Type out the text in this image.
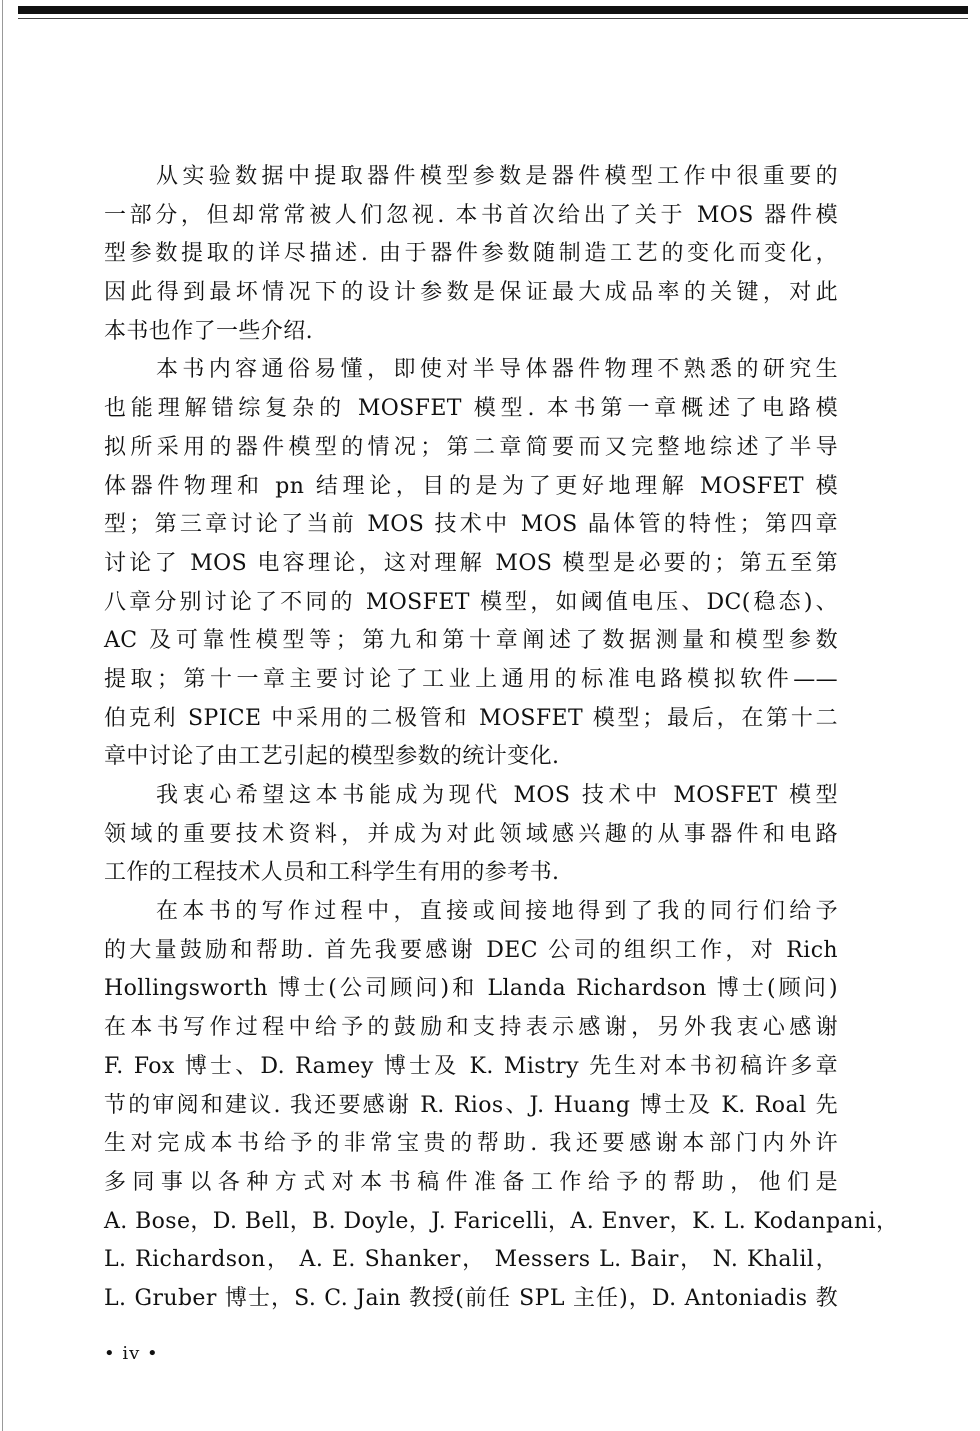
从实验数据中提取器件模型参数是器件模型工作中很重要的
一部分，但却常常被人们忽视. 本书首次给出了关于 MOS 器件模
型参数提取的详尽描述. 由于器件参数随制造工艺的变化而变化，
因此得到最坏情况下的设计参数是保证最大成品率的关键，对此
本书也作了一些介绍.
本书内容通俗易懂，即使对半导体器件物理不熟悉的研究生
也能理解错综复杂的 MOSFET 模型. 本书第一章概述了电路模
拟所采用的器件模型的情况；第二章简要而又完整地综述了半导
体器件物理和 pn 结理论，目的是为了更好地理解 MOSFET 模
型；第三章讨论了当前 MOS 技术中 MOS 晶体管的特性；第四章
讨论了 MOS 电容理论，这对理解 MOS 模型是必要的；第五至第
八章分别讨论了不同的 MOSFET 模型，如阈值电压、DC(稳态)、
AC 及可靠性模型等；第九和第十章阐述了数据测量和模型参数
提取；第十一章主要讨论了工业上通用的标准电路模拟软件——
伯克利 SPICE 中采用的二极管和 MOSFET 模型；最后，在第十二
章中讨论了由工艺引起的模型参数的统计变化.
我衷心希望这本书能成为现代 MOS 技术中 MOSFET 模型
领域的重要技术资料，并成为对此领域感兴趣的从事器件和电路
工作的工程技术人员和工科学生有用的参考书.
在本书的写作过程中，直接或间接地得到了我的同行们给予
的大量鼓励和帮助. 首先我要感谢 DEC 公司的组织工作，对 Rich
Hollingsworth 博士(公司顾问)和 Llanda Richardson 博士(顾问)
在本书写作过程中给予的鼓励和支持表示感谢，另外我衷心感谢
F. Fox 博士、D. Ramey 博士及 K. Mistry 先生对本书初稿许多章
节的审阅和建议. 我还要感谢 R. Rios、J. Huang 博士及 K. Roal 先
生对完成本书给予的非常宝贵的帮助. 我还要感谢本部门内外许
多同事以各种方式对本书稿件准备工作给予的帮助，他们是
A. Bose，D. Bell，B. Doyle，J. Faricelli，A. Enver，K. L. Kodanpani，
L. Richardson， A. E. Shanker， Messers L. Bair， N. Khalil，
L. Gruber 博士，S. C. Jain 教授(前任 SPL 主任)，D. Antoniadis 教
• iv •
